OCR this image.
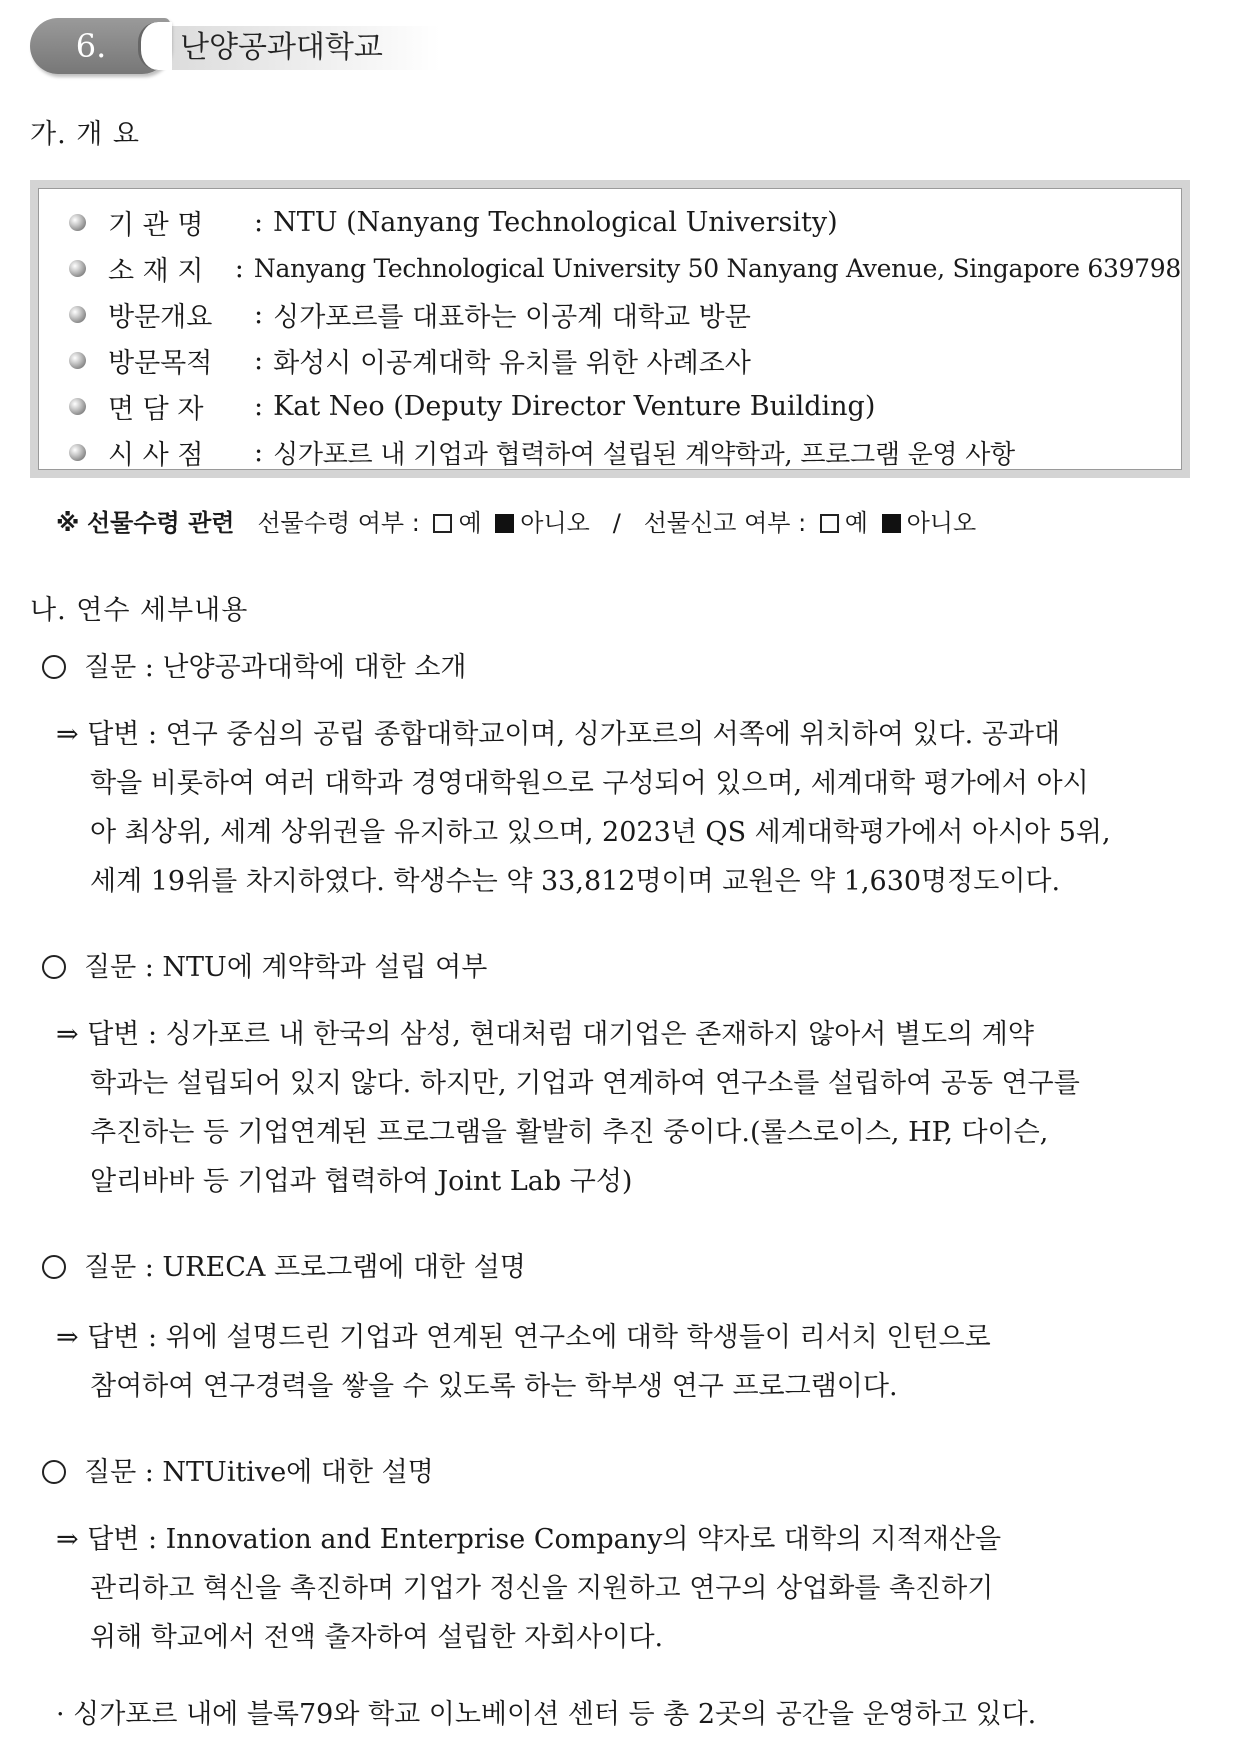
6.	난양공과대학교
가. 개 요
기 관 명	: NTU (Nanyang Technological University)
소 재 지	: Nanyang Technological University 50 Nanyang Avenue, Singapore 639798
방문개요	: 싱가포르를 대표하는 이공계 대학교 방문
방문목적	: 화성시 이공계대학 유치를 위한 사례조사
면 담 자	: Kat Neo (Deputy Director Venture Building)
시 사 점	: 싱가포르 내 기업과 협력하여 설립된 계약학과, 프로그램 운영 사항
※ 선물수령 관련 선물수령 여부 : 예 아니오 / 선물신고 여부 : 예 아니오
나. 연수 세부내용
질문 : 난양공과대학에 대한 소개
⇒ 답변 : 연구 중심의 공립 종합대학교이며, 싱가포르의 서쪽에 위치하여 있다. 공과대
학을 비롯하여 여러 대학과 경영대학원으로 구성되어 있으며, 세계대학 평가에서 아시
아 최상위, 세계 상위권을 유지하고 있으며, 2023년 QS 세계대학평가에서 아시아 5위,
세계 19위를 차지하였다. 학생수는 약 33,812명이며 교원은 약 1,630명정도이다.
질문 : NTU에 계약학과 설립 여부
⇒ 답변 : 싱가포르 내 한국의 삼성, 현대처럼 대기업은 존재하지 않아서 별도의 계약
학과는 설립되어 있지 않다. 하지만, 기업과 연계하여 연구소를 설립하여 공동 연구를
추진하는 등 기업연계된 프로그램을 활발히 추진 중이다.(롤스로이스, HP, 다이슨,
알리바바 등 기업과 협력하여 Joint Lab 구성)
질문 : URECA 프로그램에 대한 설명
⇒ 답변 : 위에 설명드린 기업과 연계된 연구소에 대학 학생들이 리서치 인턴으로
참여하여 연구경력을 쌓을 수 있도록 하는 학부생 연구 프로그램이다.
질문 : NTUitive에 대한 설명
⇒ 답변 : Innovation and Enterprise Company의 약자로 대학의 지적재산을
관리하고 혁신을 촉진하며 기업가 정신을 지원하고 연구의 상업화를 촉진하기
위해 학교에서 전액 출자하여 설립한 자회사이다.
· 싱가포르 내에 블록79와 학교 이노베이션 센터 등 총 2곳의 공간을 운영하고 있다.
